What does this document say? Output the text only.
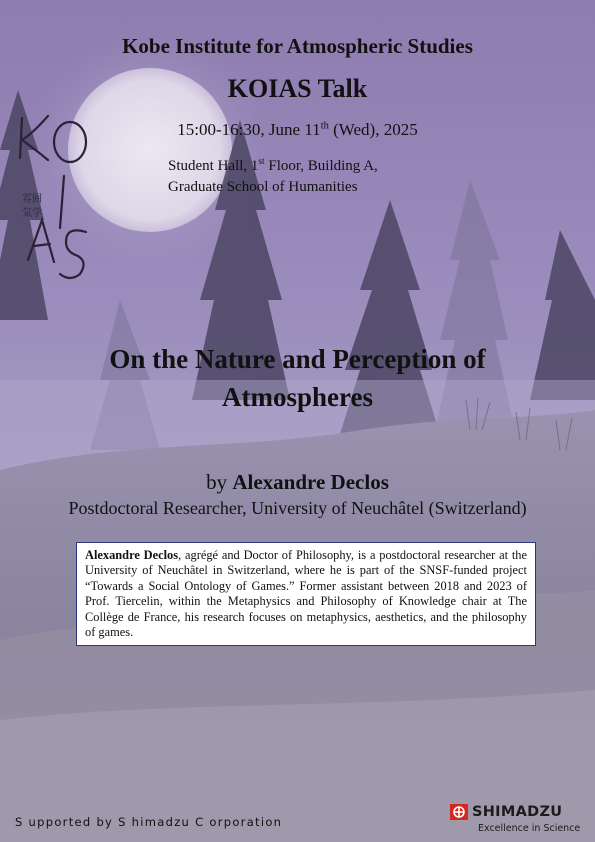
雰囲
気学
Kobe Institute for Atmospheric Studies
KOIAS Talk
15:00-16:30, June 11th (Wed), 2025
Student Hall, 1st Floor, Building A,
Graduate School of Humanities
On the Nature and Perception of
Atmospheres
by Alexandre Declos
Postdoctoral Researcher, University of Neuchâtel (Switzerland)
Alexandre Declos, agrégé and Doctor of Philosophy, is a postdoctoral researcher at the University of Neuchâtel in Switzerland, where he is part of the SNSF-funded project “Towards a Social Ontology of Games.” Former assistant between 2018 and 2023 of Prof. Tiercelin, within the Metaphysics and Philosophy of Knowledge chair at The Collège de France, his research focuses on metaphysics, aesthetics, and the philosophy of games.
S upported by S himadzu C orporation
SHIMADZU
Excellence in Science
